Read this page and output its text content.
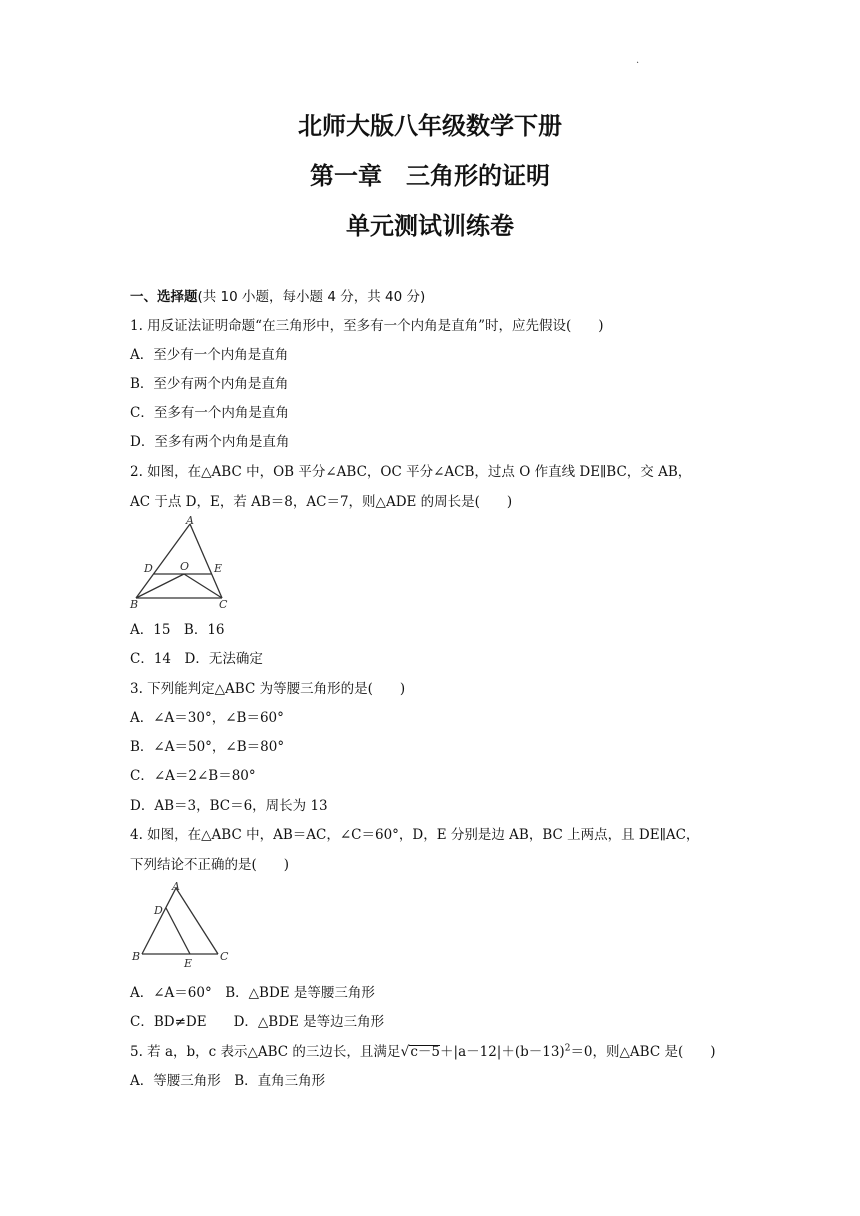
·
北师大版八年级数学下册
第一章　三角形的证明
单元测试训练卷
一、选择题(共 10 小题，每小题 4 分，共 40 分)
1. 用反证法证明命题“在三角形中，至多有一个内角是直角”时，应先假设(　　)
A．至少有一个内角是直角
B．至少有两个内角是直角
C．至多有一个内角是直角
D．至多有两个内角是直角
2. 如图，在△ABC 中，OB 平分∠ABC，OC 平分∠ACB，过点 O 作直线 DE∥BC，交 AB，
AC 于点 D，E，若 AB＝8，AC＝7，则△ADE 的周长是(　　)
A
D O E
B	C
A．15　B．16
C．14　D．无法确定
3. 下列能判定△ABC 为等腰三角形的是(　　)
A．∠A＝30°，∠B＝60°
B．∠A＝50°，∠B＝80°
C．∠A＝2∠B＝80°
D．AB＝3，BC＝6，周长为 13
4. 如图，在△ABC 中，AB＝AC，∠C＝60°，D，E 分别是边 AB，BC 上两点，且 DE∥AC，
下列结论不正确的是(　　)
A
D
B	C
E
A．∠A＝60°　B．△BDE 是等腰三角形
C．BD≠DE　　D．△BDE 是等边三角形
5. 若 a，b，c 表示△ABC 的三边长，且满足$√c-5+|a-12|+(b-13)^2=0$，则△ABC 是(　　)
A．等腰三角形　B．直角三角形
